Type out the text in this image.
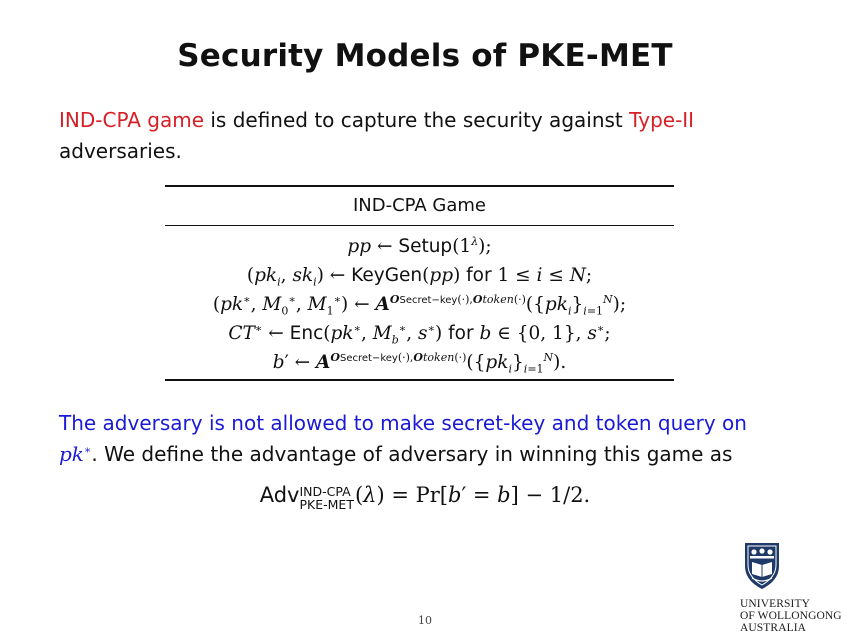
Security Models of PKE-MET
IND-CPA game is defined to capture the security against Type-II
adversaries.
IND-CPA Game
pp ← $Setup(1^\lambda)$;
($pk_i$, $sk_i$) ← KeyGen(pp) for 1 ≤ i ≤ N;
(pk∗, $M_0^∗$, $M_1^∗$) ← $A^{OSecret-key(\cdot),Otoken(\cdot)}(\{pk_i\}_{i=1}^N)$;
CT∗ ← Enc(pk∗, $M_b^∗$, s∗) for b ∈ {0, 1}, s∗;
b′ ← $A^{OSecret-key(\cdot),Otoken(\cdot)}(\{pk_i\}_{i=1}^N)$.
The adversary is not allowed to make secret-key and token query on
pk∗. We define the advantage of adversary in winning this game as
Adv IND-CPA
PKE-MET (λ) = Pr[b′ = b] − 1/2.
10
UNIVERSITY
OF WOLLONGONG
AUSTRALIA
